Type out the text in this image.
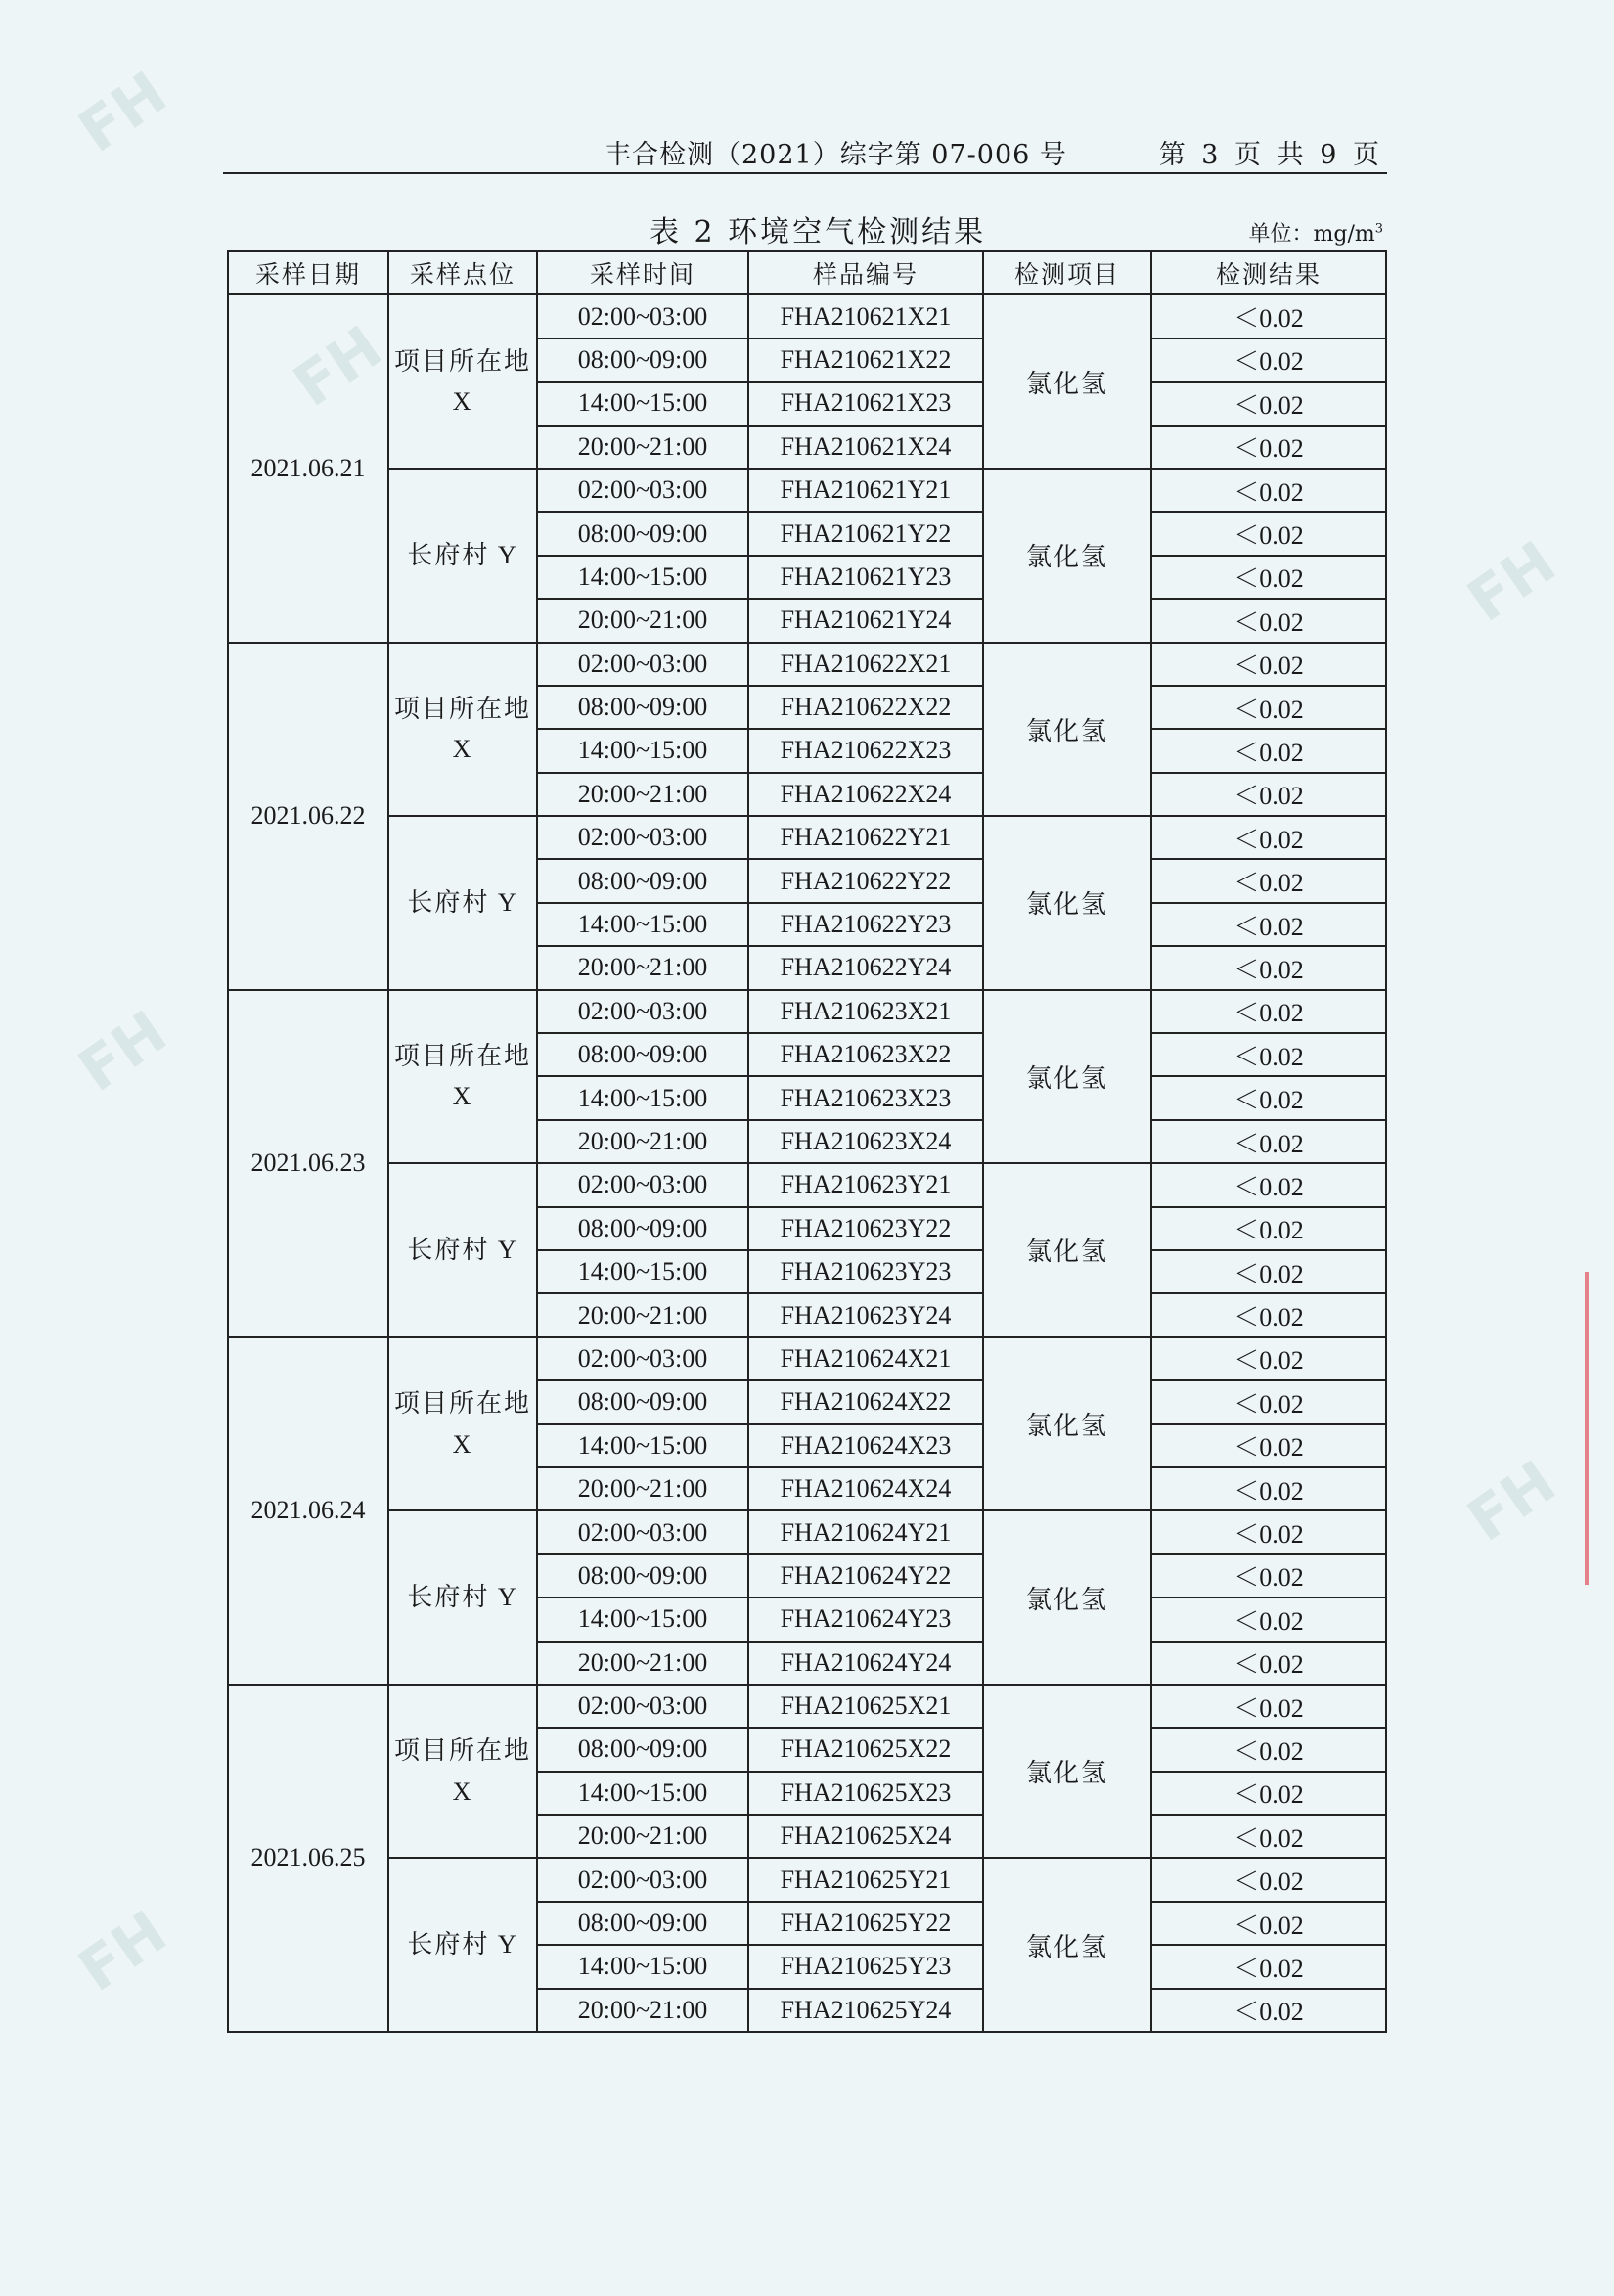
FH
FH
FH
FH
FH
FH
丰合检测（2021）综字第 07-006 号	第 3 页 共 9 页
表 2 环境空气检测结果	单位：$mg/m^3$
采样日期	采样点位	采样时间	样品编号	检测项目	检测结果
2021.06.21	项目所在地 X	02:00~03:00	FHA210621X21	氯化氢	＜0.02
		08:00~09:00	FHA210621X22		＜0.02
		14:00~15:00	FHA210621X23		＜0.02
		20:00~21:00	FHA210621X24		＜0.02
	长府村 Y	02:00~03:00	FHA210621Y21	氯化氢	＜0.02
		08:00~09:00	FHA210621Y22		＜0.02
		14:00~15:00	FHA210621Y23		＜0.02
		20:00~21:00	FHA210621Y24		＜0.02
2021.06.22	项目所在地 X	02:00~03:00	FHA210622X21	氯化氢	＜0.02
		08:00~09:00	FHA210622X22		＜0.02
		14:00~15:00	FHA210622X23		＜0.02
		20:00~21:00	FHA210622X24		＜0.02
	长府村 Y	02:00~03:00	FHA210622Y21	氯化氢	＜0.02
		08:00~09:00	FHA210622Y22		＜0.02
		14:00~15:00	FHA210622Y23		＜0.02
		20:00~21:00	FHA210622Y24		＜0.02
2021.06.23	项目所在地 X	02:00~03:00	FHA210623X21	氯化氢	＜0.02
		08:00~09:00	FHA210623X22		＜0.02
		14:00~15:00	FHA210623X23		＜0.02
		20:00~21:00	FHA210623X24		＜0.02
	长府村 Y	02:00~03:00	FHA210623Y21	氯化氢	＜0.02
		08:00~09:00	FHA210623Y22		＜0.02
		14:00~15:00	FHA210623Y23		＜0.02
		20:00~21:00	FHA210623Y24		＜0.02
2021.06.24	项目所在地 X	02:00~03:00	FHA210624X21	氯化氢	＜0.02
		08:00~09:00	FHA210624X22		＜0.02
		14:00~15:00	FHA210624X23		＜0.02
		20:00~21:00	FHA210624X24		＜0.02
	长府村 Y	02:00~03:00	FHA210624Y21	氯化氢	＜0.02
		08:00~09:00	FHA210624Y22		＜0.02
		14:00~15:00	FHA210624Y23		＜0.02
		20:00~21:00	FHA210624Y24		＜0.02
2021.06.25	项目所在地 X	02:00~03:00	FHA210625X21	氯化氢	＜0.02
		08:00~09:00	FHA210625X22		＜0.02
		14:00~15:00	FHA210625X23		＜0.02
		20:00~21:00	FHA210625X24		＜0.02
	长府村 Y	02:00~03:00	FHA210625Y21	氯化氢	＜0.02
		08:00~09:00	FHA210625Y22		＜0.02
		14:00~15:00	FHA210625Y23		＜0.02
		20:00~21:00	FHA210625Y24		＜0.02
